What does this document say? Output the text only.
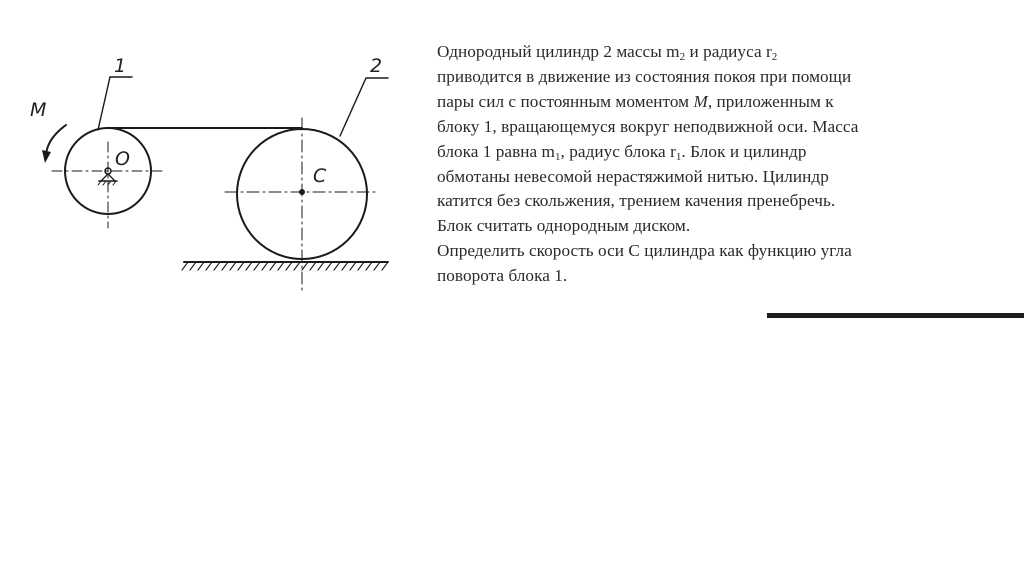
1	2
M
O
C
Однородный цилиндр 2 массы $m_2$ и радиуса $r_2$
приводится в движение из состояния покоя при помощи
пары сил с постоянным моментом M, приложенным к
блоку 1, вращающемуся вокруг неподвижной оси. Масса
блока 1 равна $m_1$, радиус блока $r_1$. Блок и цилиндр
обмотаны невесомой нерастяжимой нитью. Цилиндр
катится без скольжения, трением качения пренебречь.
Блок считать однородным диском.
Определить скорость оси С цилиндра как функцию угла
поворота блока 1.
